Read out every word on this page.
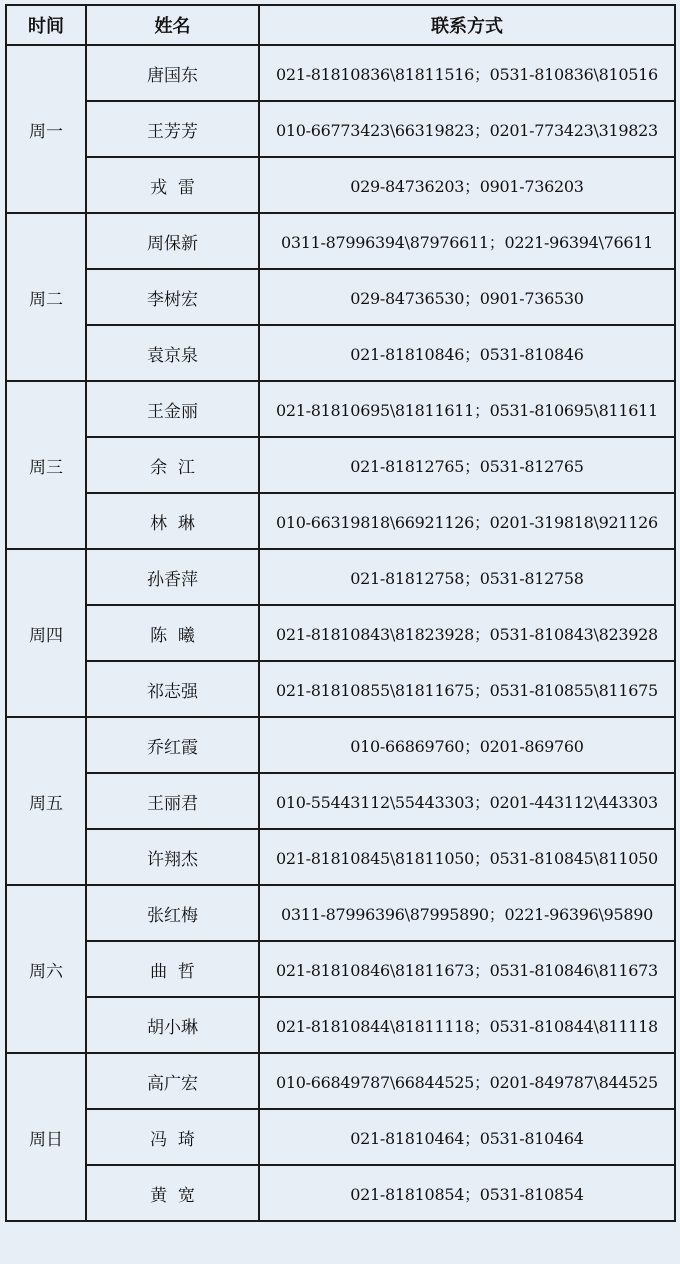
时间	姓名	联系方式
周一	唐国东	021-81810836\81811516；0531-810836\810516
	王芳芳	010-66773423\66319823；0201-773423\319823
	戎  雷	029-84736203；0901-736203
周二	周保新	0311-87996394\87976611；0221-96394\76611
	李树宏	029-84736530；0901-736530
	袁京泉	021-81810846；0531-810846
周三	王金丽	021-81810695\81811611；0531-810695\811611
	余  江	021-81812765；0531-812765
	林  琳	010-66319818\66921126；0201-319818\921126
周四	孙香萍	021-81812758；0531-812758
	陈  曦	021-81810843\81823928；0531-810843\823928
	祁志强	021-81810855\81811675；0531-810855\811675
周五	乔红霞	010-66869760；0201-869760
	王丽君	010-55443112\55443303；0201-443112\443303
	许翔杰	021-81810845\81811050；0531-810845\811050
周六	张红梅	0311-87996396\87995890；0221-96396\95890
	曲  哲	021-81810846\81811673；0531-810846\811673
	胡小琳	021-81810844\81811118；0531-810844\811118
周日	高广宏	010-66849787\66844525；0201-849787\844525
	冯  琦	021-81810464；0531-810464
	黄  宽	021-81810854；0531-810854
